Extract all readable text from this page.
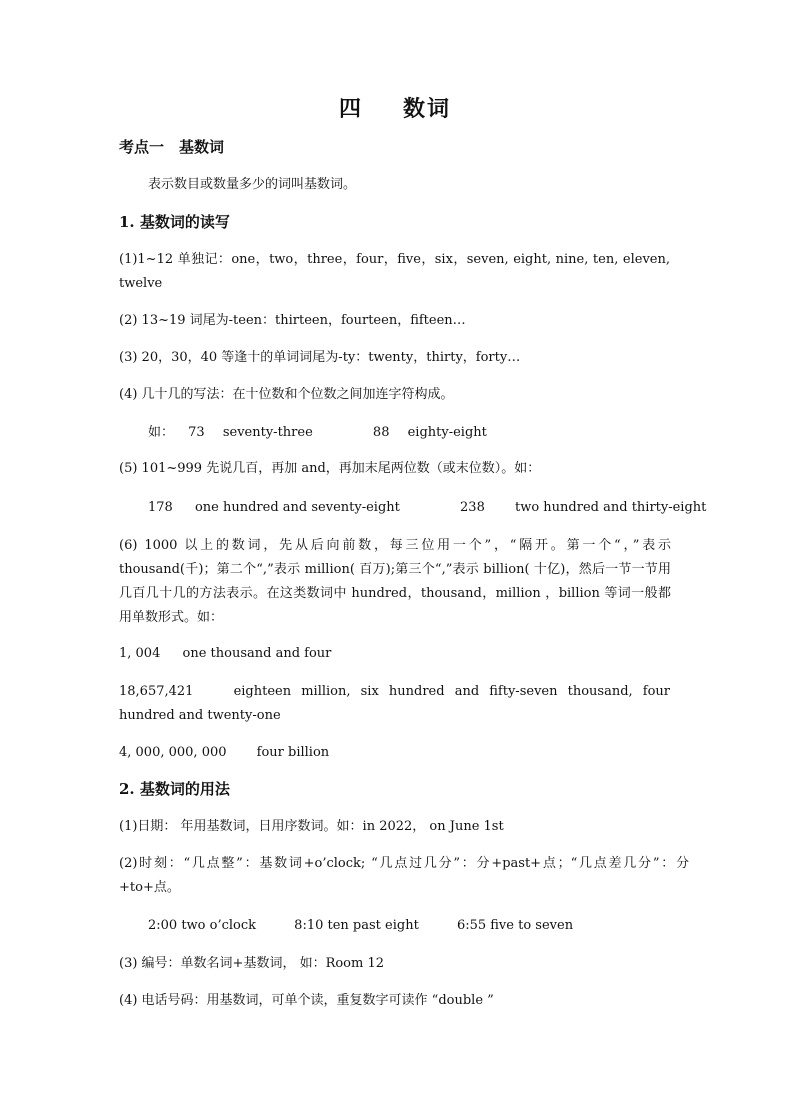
四 数词
考点一　基数词
表示数目或数量多少的词叫基数词。
1. 基数词的读写
(1)1~12 单独记：one，two，three，four，five，six，seven, eight, nine, ten, eleven, twelve
(2) 13~19 词尾为-teen：thirteen，fourteen，fifteen…
(3) 20，30，40 等逢十的单词词尾为-ty：twenty，thirty，forty…
(4) 几十几的写法：在十位数和个位数之间加连字符构成。
如： 73 seventy-three	88 eighty-eight
(5) 101~999 先说几百，再加 and，再加末尾两位数（或末位数）。如：
178 one hundred and seventy-eight	238 two hundred and thirty-eight
(6) 1000 以上的数词，先从后向前数，每三位用一个”，“隔开。第一个“，”表示 thousand(千)；第二个“,”表示 million( 百万);第三个“,”表示 billion( 十亿)，然后一节一节用几百几十几的方法表示。在这类数词中 hundred，thousand，million ，billion 等词一般都用单数形式。如：
1, 004 one thousand and four
18,657,421	eighteen million, six hundred and fifty-seven thousand, four hundred and twenty-one
4, 000, 000, 000 four billion
2. 基数词的用法
(1)日期： 年用基数词，日用序数词。如：in 2022， on June 1st
(2)时刻：“几点整”：基数词+o’clock; “几点过几分”：分+past+点；“几点差几分”：分+to+点。
2:00 two o’clock	8:10 ten past eight	6:55 five to seven
(3) 编号：单数名词+基数词， 如：Room 12
(4) 电话号码：用基数词，可单个读，重复数字可读作 “double ”
